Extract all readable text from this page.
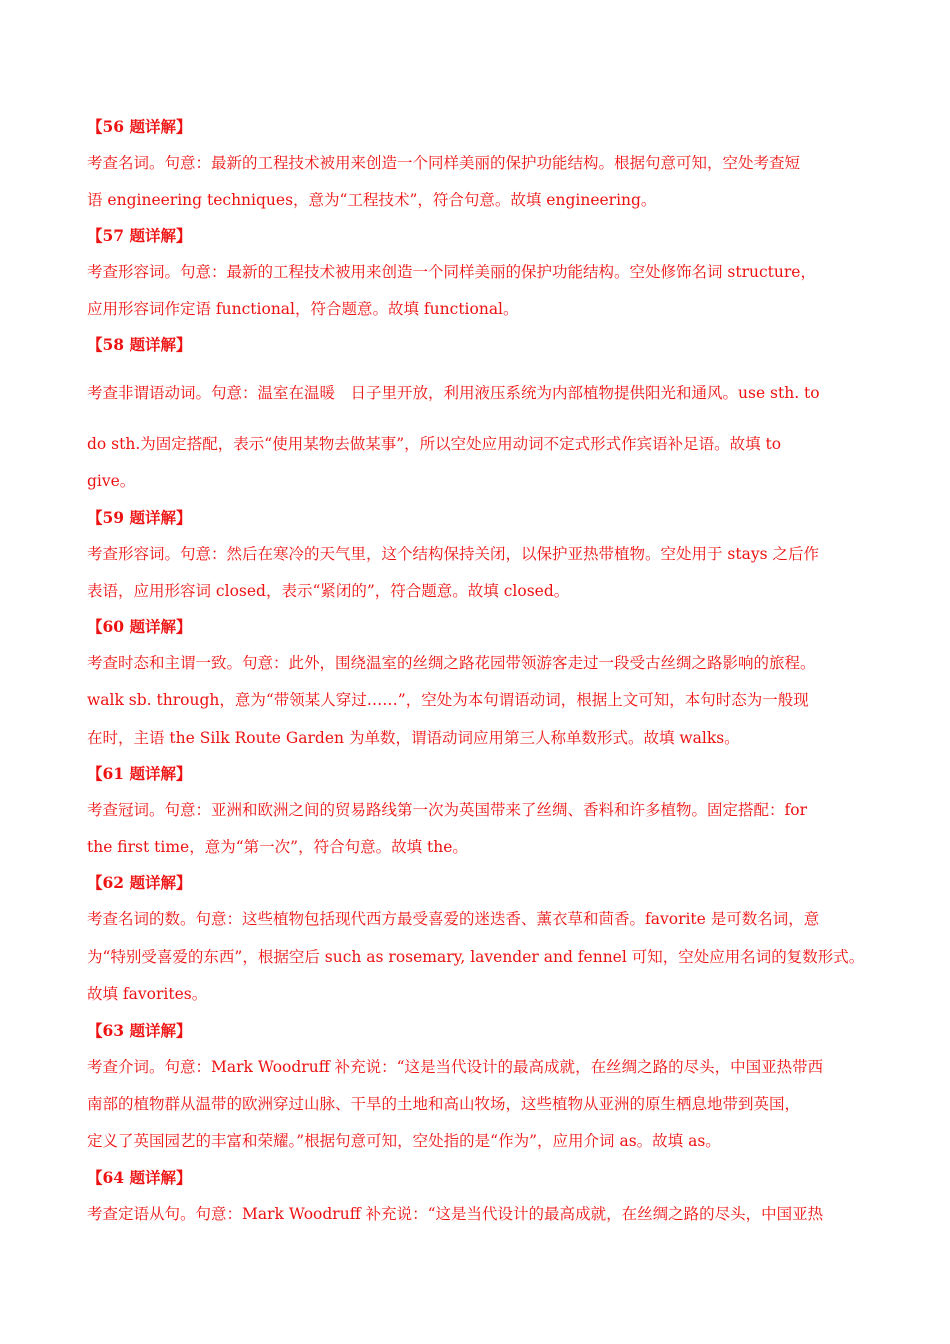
【56 题详解】
考查名词。句意：最新的工程技术被用来创造一个同样美丽的保护功能结构。根据句意可知，空处考查短
语 engineering techniques，意为“工程技术”，符合句意。故填 engineering。
【57 题详解】
考查形容词。句意：最新的工程技术被用来创造一个同样美丽的保护功能结构。空处修饰名词 structure，
应用形容词作定语 functional，符合题意。故填 functional。
【58 题详解】
考查非谓语动词。句意：温室在温暖　日子里开放，利用液压系统为内部植物提供阳光和通风。use sth. to
do sth.为固定搭配，表示“使用某物去做某事”，所以空处应用动词不定式形式作宾语补足语。故填 to
give。
【59 题详解】
考查形容词。句意：然后在寒冷的天气里，这个结构保持关闭，以保护亚热带植物。空处用于 stays 之后作
表语，应用形容词 closed，表示“紧闭的”，符合题意。故填 closed。
【60 题详解】
考查时态和主谓一致。句意：此外，围绕温室的丝绸之路花园带领游客走过一段受古丝绸之路影响的旅程。
walk sb. through，意为“带领某人穿过……”，空处为本句谓语动词，根据上文可知，本句时态为一般现
在时，主语 the Silk Route Garden 为单数，谓语动词应用第三人称单数形式。故填 walks。
【61 题详解】
考查冠词。句意：亚洲和欧洲之间的贸易路线第一次为英国带来了丝绸、香料和许多植物。固定搭配：for
the first time，意为“第一次”，符合句意。故填 the。
【62 题详解】
考查名词的数。句意：这些植物包括现代西方最受喜爱的迷迭香、薰衣草和茴香。favorite 是可数名词，意
为“特别受喜爱的东西”，根据空后 such as rosemary, lavender and fennel 可知，空处应用名词的复数形式。
故填 favorites。
【63 题详解】
考查介词。句意：Mark Woodruff 补充说：“这是当代设计的最高成就，在丝绸之路的尽头，中国亚热带西
南部的植物群从温带的欧洲穿过山脉、干旱的土地和高山牧场，这些植物从亚洲的原生栖息地带到英国，
定义了英国园艺的丰富和荣耀。”根据句意可知，空处指的是“作为”，应用介词 as。故填 as。
【64 题详解】
考查定语从句。句意：Mark Woodruff 补充说：“这是当代设计的最高成就，在丝绸之路的尽头，中国亚热
